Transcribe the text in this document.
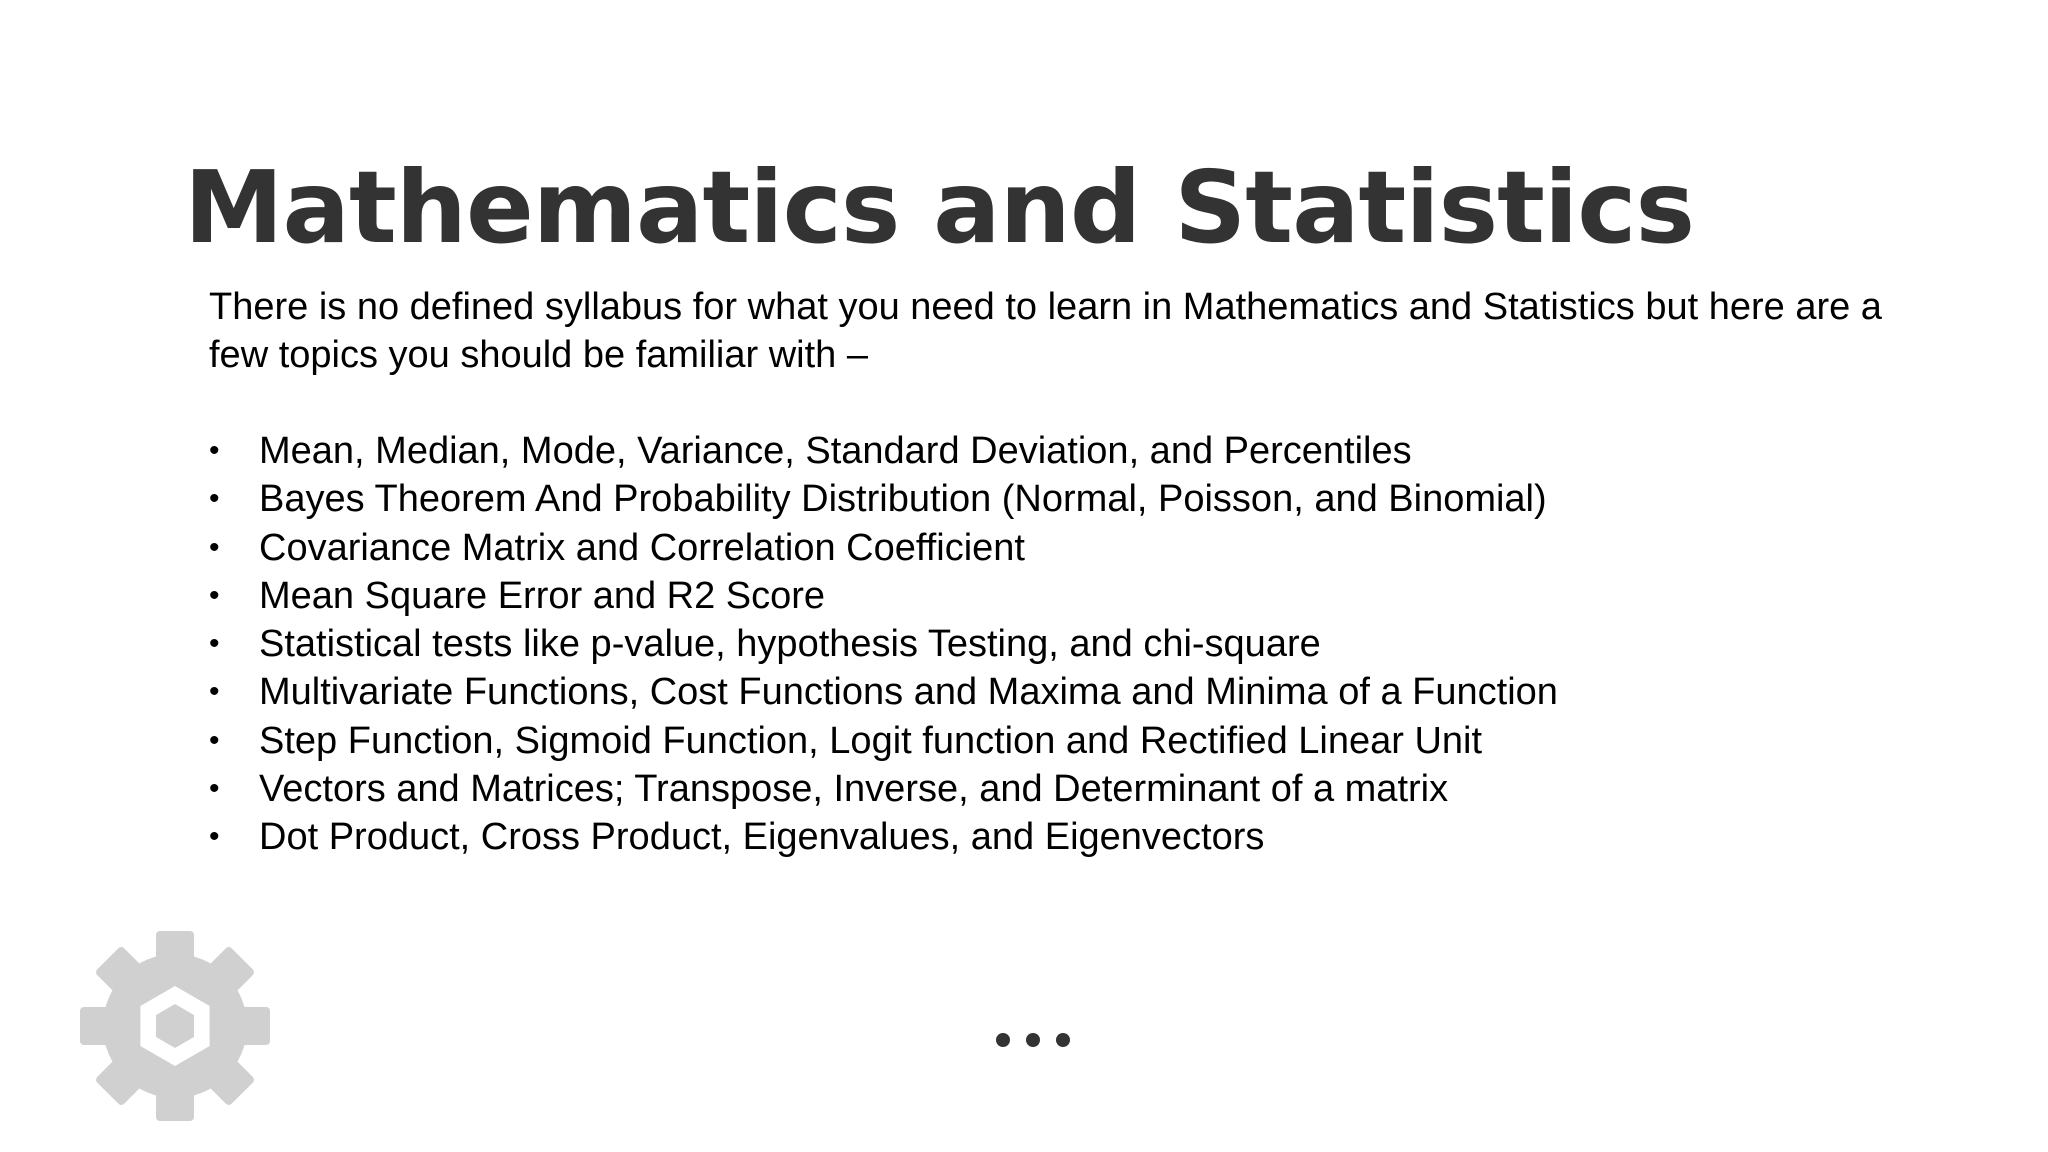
Mathematics and Statistics

There is no defined syllabus for what you need to learn in Mathematics and Statistics but here are a few topics you should be familiar with –

• Mean, Median, Mode, Variance, Standard Deviation, and Percentiles
• Bayes Theorem And Probability Distribution (Normal, Poisson, and Binomial)
• Covariance Matrix and Correlation Coefficient
• Mean Square Error and R2 Score
• Statistical tests like p-value, hypothesis Testing, and chi-square
• Multivariate Functions, Cost Functions and Maxima and Minima of a Function
• Step Function, Sigmoid Function, Logit function and Rectified Linear Unit
• Vectors and Matrices; Transpose, Inverse, and Determinant of a matrix
• Dot Product, Cross Product, Eigenvalues, and Eigenvectors
